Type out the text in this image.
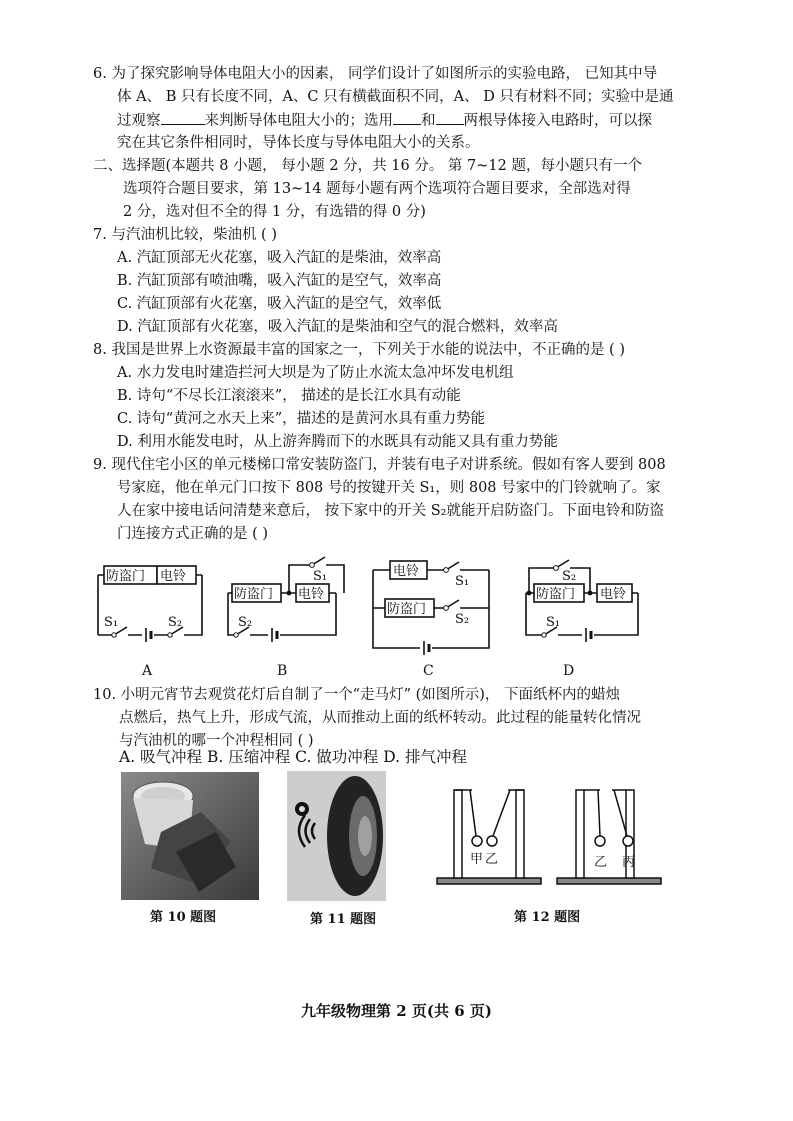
6. 为了探究影响导体电阻大小的因素， 同学们设计了如图所示的实验电路， 已知其中导
体 A、 B 只有长度不同，A、C 只有横截面积不同，A、 D 只有材料不同；实验中是通
过观察	来判断导体电阻大小的；选用 和 两根导体接入电路时，可以探
究在其它条件相同时，导体长度与导体电阻大小的关系。
二、选择题(本题共 8 小题， 每小题 2 分，共 16 分。 第 7~12 题，每小题只有一个
选项符合题目要求，第 13~14 题每小题有两个选项符合题目要求，全部选对得
2 分，选对但不全的得 1 分，有选错的得 0 分)
7. 与汽油机比较，柴油机 ( )
A. 汽缸顶部无火花塞，吸入汽缸的是柴油，效率高
B. 汽缸顶部有喷油嘴，吸入汽缸的是空气，效率高
C. 汽缸顶部有火花塞，吸入汽缸的是空气，效率低
D. 汽缸顶部有火花塞，吸入汽缸的是柴油和空气的混合燃料，效率高
8. 我国是世界上水资源最丰富的国家之一，下列关于水能的说法中，不正确的是 ( )
A. 水力发电时建造拦河大坝是为了防止水流太急冲坏发电机组
B. 诗句“不尽长江滚滚来”， 描述的是长江水具有动能
C. 诗句“黄河之水天上来”，描述的是黄河水具有重力势能
D. 利用水能发电时，从上游奔腾而下的水既具有动能又具有重力势能
9. 现代住宅小区的单元楼梯口常安装防盗门，并装有电子对讲系统。假如有客人要到 808
号家庭，他在单元门口按下 808 号的按键开关 S₁，则 808 号家中的门铃就响了。家
人在家中接电话问清楚来意后， 按下家中的开关 S₂就能开启防盗门。下面电铃和防盗
门连接方式正确的是 ( )
防盗门 电铃
S₁	S₂
防盗门 电铃
S₁
S₂
电铃
防盗门
S₁
S₂
防盗门 电铃
S₂
S₁
A	B	C	D
10. 小明元宵节去观赏花灯后自制了一个“走马灯” (如图所示)， 下面纸杯内的蜡烛
点燃后，热气上升，形成气流，从而推动上面的纸杯转动。此过程的能量转化情况
与汽油机的哪一个冲程相同 ( )
A. 吸气冲程 B. 压缩冲程 C. 做功冲程 D. 排气冲程
甲 乙	乙 丙
第 10 题图	第 11 题图	第 12 题图
九年级物理第 2 页(共 6 页)
